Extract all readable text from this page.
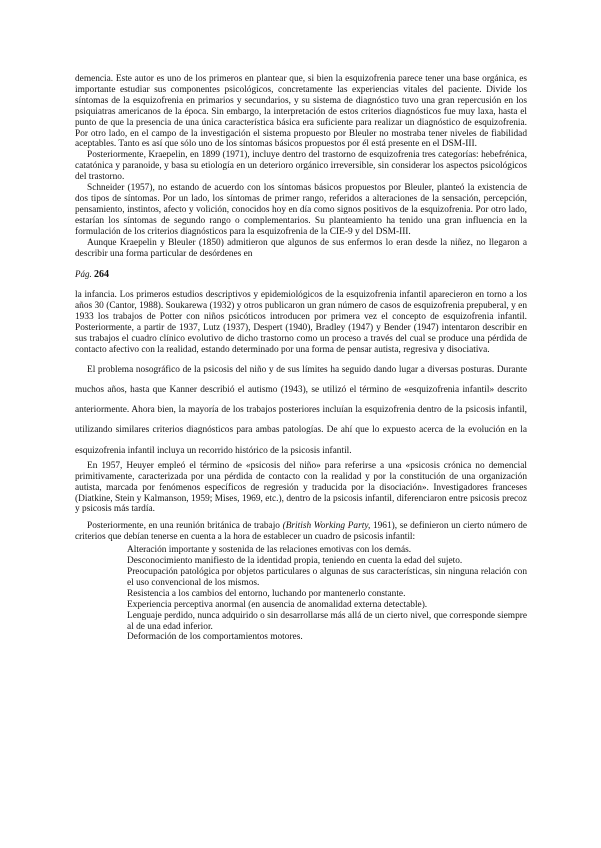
demencia. Este autor es uno de los primeros en plantear que, si bien la esquizofrenia parece tener una base orgánica, es importante estudiar sus componentes psicológicos, concretamente las experiencias vitales del paciente. Divide los síntomas de la esquizofrenia en primarios y secundarios, y su sistema de diagnóstico tuvo una gran repercusión en los psiquiatras americanos de la época. Sin embargo, la interpretación de estos criterios diagnósticos fue muy laxa, hasta el punto de que la presencia de una única característica básica era suficiente para realizar un diagnóstico de esquizofrenia. Por otro lado, en el campo de la investigación el sistema propuesto por Bleuler no mostraba tener niveles de fiabilidad aceptables. Tanto es así que sólo uno de los síntomas básicos propuestos por él está presente en el DSM-III.

Posteriormente, Kraepelin, en 1899 (1971), incluye dentro del trastorno de esquizofrenia tres categorías: hebefrénica, catatónica y paranoide, y basa su etiología en un deterioro orgánico irreversible, sin considerar los aspectos psicológicos del trastorno.

Schneider (1957), no estando de acuerdo con los síntomas básicos propuestos por Bleuler, planteó la existencia de dos tipos de síntomas. Por un lado, los síntomas de primer rango, referidos a alteraciones de la sensación, percepción, pensamiento, instintos, afecto y volición, conocidos hoy en día como signos positivos de la esquizofrenia. Por otro lado, estarían los síntomas de segundo rango o complementarios. Su planteamiento ha tenido una gran influencia en la formulación de los criterios diagnósticos para la esquizofrenia de la CIE-9 y del DSM-III.

Aunque Kraepelin y Bleuler (1850) admitieron que algunos de sus enfermos lo eran desde la niñez, no llegaron a describir una forma particular de desórdenes en

Pág. 264

la infancia. Los primeros estudios descriptivos y epidemiológicos de la esquizofrenia infantil aparecieron en torno a los años 30 (Cantor, 1988). Soukarewa (1932) y otros publicaron un gran número de casos de esquizofrenia prepuberal, y en 1933 los trabajos de Potter con niños psicóticos introducen por primera vez el concepto de esquizofrenia infantil. Posteriormente, a partir de 1937, Lutz (1937), Despert (1940), Bradley (1947) y Bender (1947) intentaron describir en sus trabajos el cuadro clínico evolutivo de dicho trastorno como un proceso a través del cual se produce una pérdida de contacto afectivo con la realidad, estando determinado por una forma de pensar autista, regresiva y disociativa.

El problema nosográfico de la psicosis del niño y de sus límites ha seguido dando lugar a diversas posturas. Durante muchos años, hasta que Kanner describió el autismo (1943), se utilizó el término de «esquizofrenia infantil» descrito anteriormente. Ahora bien, la mayoría de los trabajos posteriores incluían la esquizofrenia dentro de la psicosis infantil, utilizando similares criterios diagnósticos para ambas patologías. De ahí que lo expuesto acerca de la evolución en la esquizofrenia infantil incluya un recorrido histórico de la psicosis infantil.

En 1957, Heuyer empleó el término de «psicosis del niño» para referirse a una «psicosis crónica no demencial primitivamente, caracterizada por una pérdida de contacto con la realidad y por la constitución de una organización autista, marcada por fenómenos específicos de regresión y traducida por la disociación». Investigadores franceses (Diatkine, Stein y Kalmanson, 1959; Mises, 1969, etc.), dentro de la psicosis infantil, diferenciaron entre psicosis precoz y psicosis más tardía.

Posteriormente, en una reunión británica de trabajo (British Working Party, 1961), se definieron un cierto número de criterios que debían tenerse en cuenta a la hora de establecer un cuadro de psicosis infantil:

Alteración importante y sostenida de las relaciones emotivas con los demás.
Desconocimiento manifiesto de la identidad propia, teniendo en cuenta la edad del sujeto.
Preocupación patológica por objetos particulares o algunas de sus características, sin ninguna relación con el uso convencional de los mismos.
Resistencia a los cambios del entorno, luchando por mantenerlo constante.
Experiencia perceptiva anormal (en ausencia de anomalidad externa detectable).
Lenguaje perdido, nunca adquirido o sin desarrollarse más allá de un cierto nivel, que corresponde siempre al de una edad inferior.
Deformación de los comportamientos motores.
